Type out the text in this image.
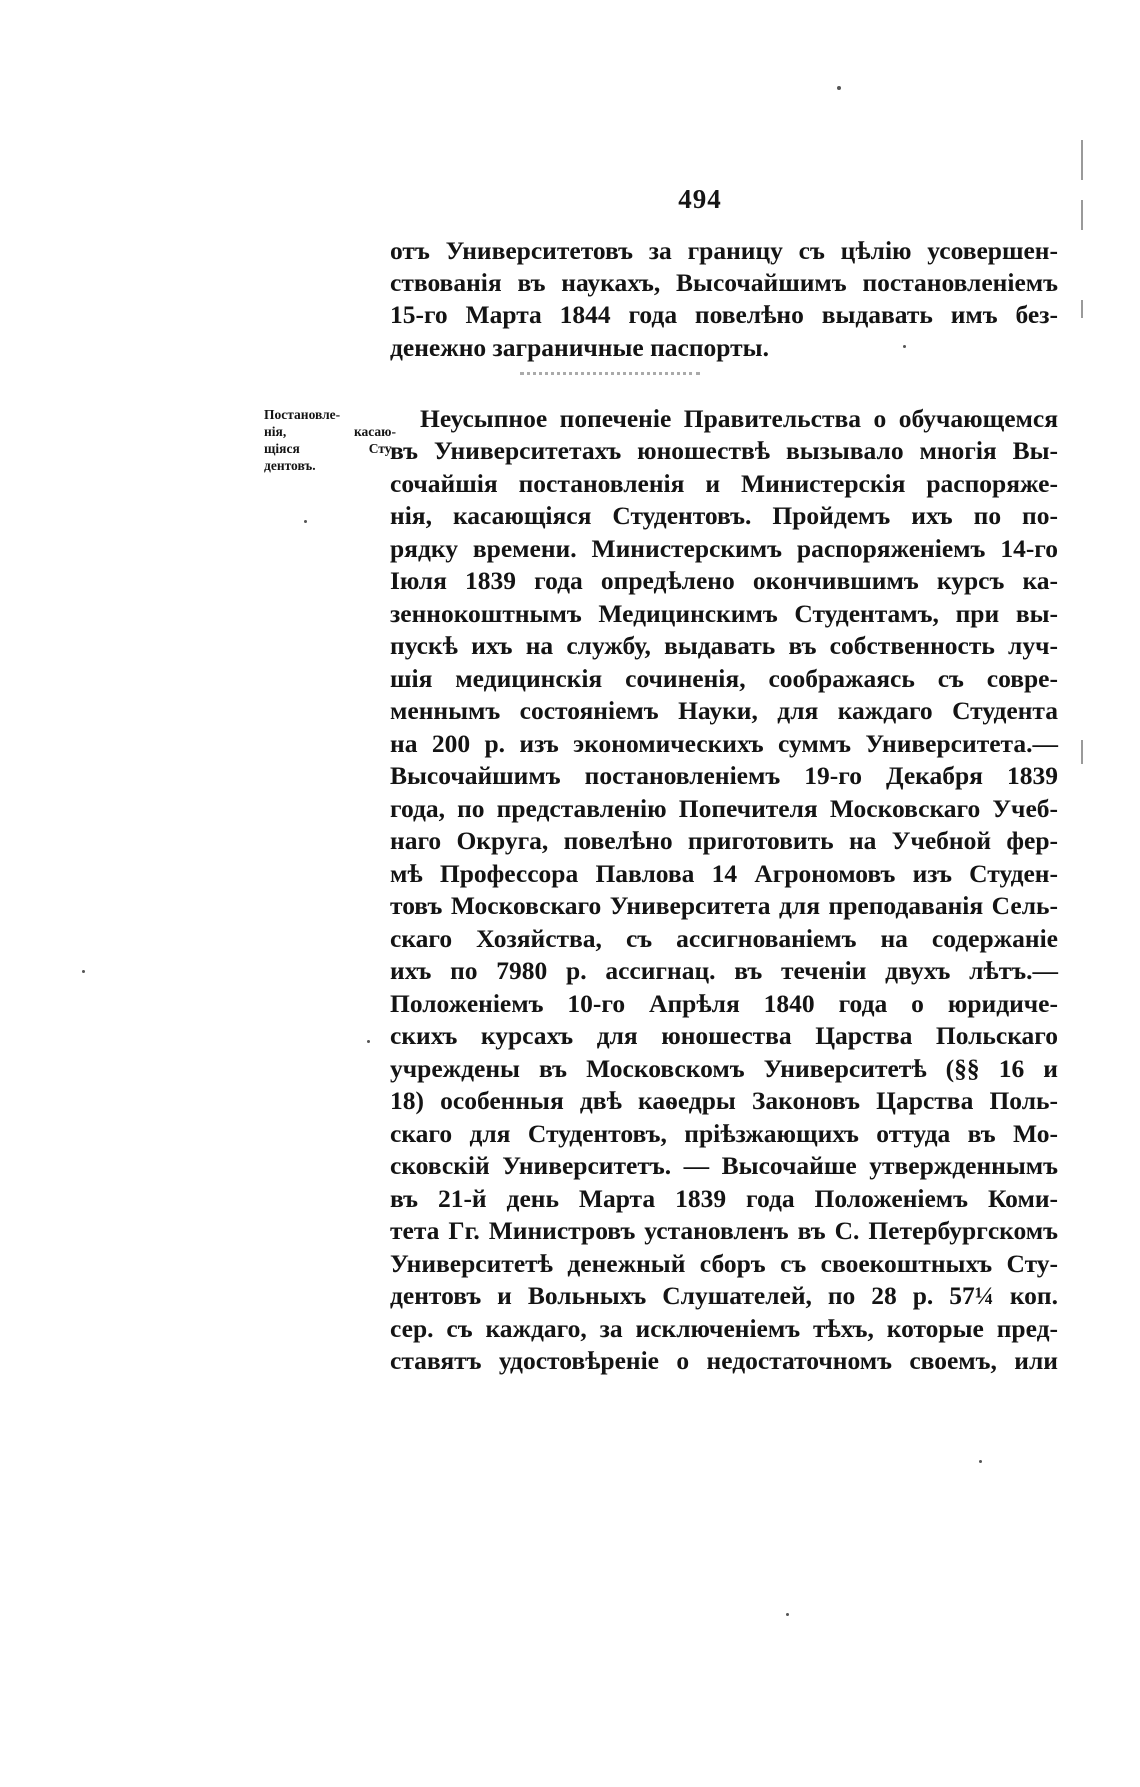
494
отъ Университетовъ за границу съ цѣлію усовершен-
ствованія въ наукахъ, Высочайшимъ постановленіемъ
15-го Марта 1844 года повелѣно выдавать имъ без-
денежно заграничные паспорты.
Постановле-
нія, касаю-
щіяся Сту-
дентовъ.
Неусыпное попеченіе Правительства о обучающемся
въ Университетахъ юношествѣ вызывало многія Вы-
сочайшія постановленія и Министерскія распоряже-
нія, касающіяся Студентовъ. Пройдемъ ихъ по по-
рядку времени. Министерскимъ распоряженіемъ 14-го
Іюля 1839 года опредѣлено окончившимъ курсъ ка-
зеннокоштнымъ Медицинскимъ Студентамъ, при вы-
пускѣ ихъ на службу, выдавать въ собственность луч-
шія медицинскія сочиненія, соображаясь съ совре-
меннымъ состояніемъ Науки, для каждаго Студента
на 200 р. изъ экономическихъ суммъ Университета.—
Высочайшимъ постановленіемъ 19-го Декабря 1839
года, по представленію Попечителя Московскаго Учеб-
наго Округа, повелѣно приготовить на Учебной фер-
мѣ Профессора Павлова 14 Агрономовъ изъ Студен-
товъ Московскаго Университета для преподаванія Сель-
скаго Хозяйства, съ ассигнованіемъ на содержаніе
ихъ по 7980 р. ассигнац. въ теченіи двухъ лѣтъ.—
Положеніемъ 10-го Апрѣля 1840 года о юридиче-
скихъ курсахъ для юношества Царства Польскаго
учреждены въ Московскомъ Университетѣ (§§ 16 и
18) особенныя двѣ каѳедры Законовъ Царства Поль-
скаго для Студентовъ, пріѣзжающихъ оттуда въ Мо-
сковскій Университетъ. — Высочайше утвержденнымъ
въ 21-й день Марта 1839 года Положеніемъ Коми-
тета Гг. Министровъ установленъ въ С. Петербургскомъ
Университетѣ денежный сборъ съ своекоштныхъ Сту-
дентовъ и Вольныхъ Слушателей, по 28 р. 57¼ коп.
сер. съ каждаго, за исключеніемъ тѣхъ, которые пред-
ставятъ удостовѣреніе о недостаточномъ своемъ, или
